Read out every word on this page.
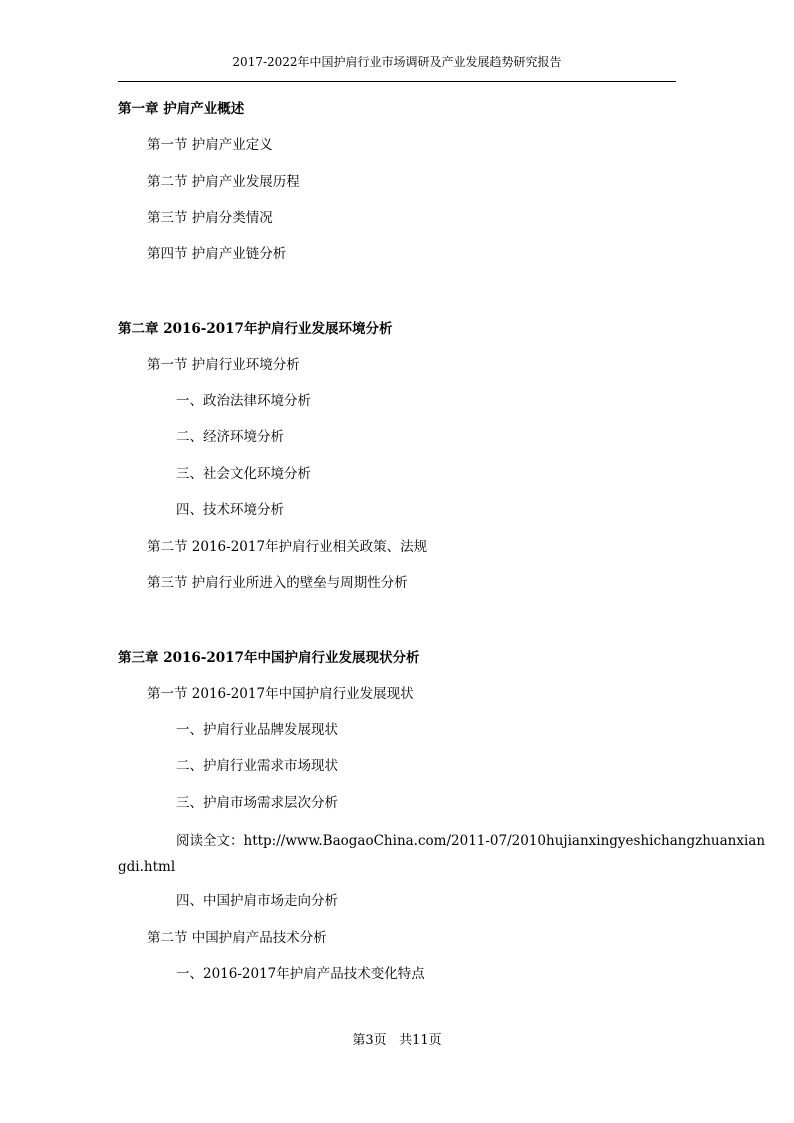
2017-2022年中国护肩行业市场调研及产业发展趋势研究报告
第一章 护肩产业概述
第一节 护肩产业定义
第二节 护肩产业发展历程
第三节 护肩分类情况
第四节 护肩产业链分析
第二章 2016-2017年护肩行业发展环境分析
第一节 护肩行业环境分析
一、政治法律环境分析
二、经济环境分析
三、社会文化环境分析
四、技术环境分析
第二节 2016-2017年护肩行业相关政策、法规
第三节 护肩行业所进入的壁垒与周期性分析
第三章 2016-2017年中国护肩行业发展现状分析
第一节 2016-2017年中国护肩行业发展现状
一、护肩行业品牌发展现状
二、护肩行业需求市场现状
三、护肩市场需求层次分析
阅读全文：http://www.BaogaoChina.com/2011-07/2010hujianxingyeshichangzhuanxian
gdi.html
四、中国护肩市场走向分析
第二节 中国护肩产品技术分析
一、2016-2017年护肩产品技术变化特点
第3页 共11页
